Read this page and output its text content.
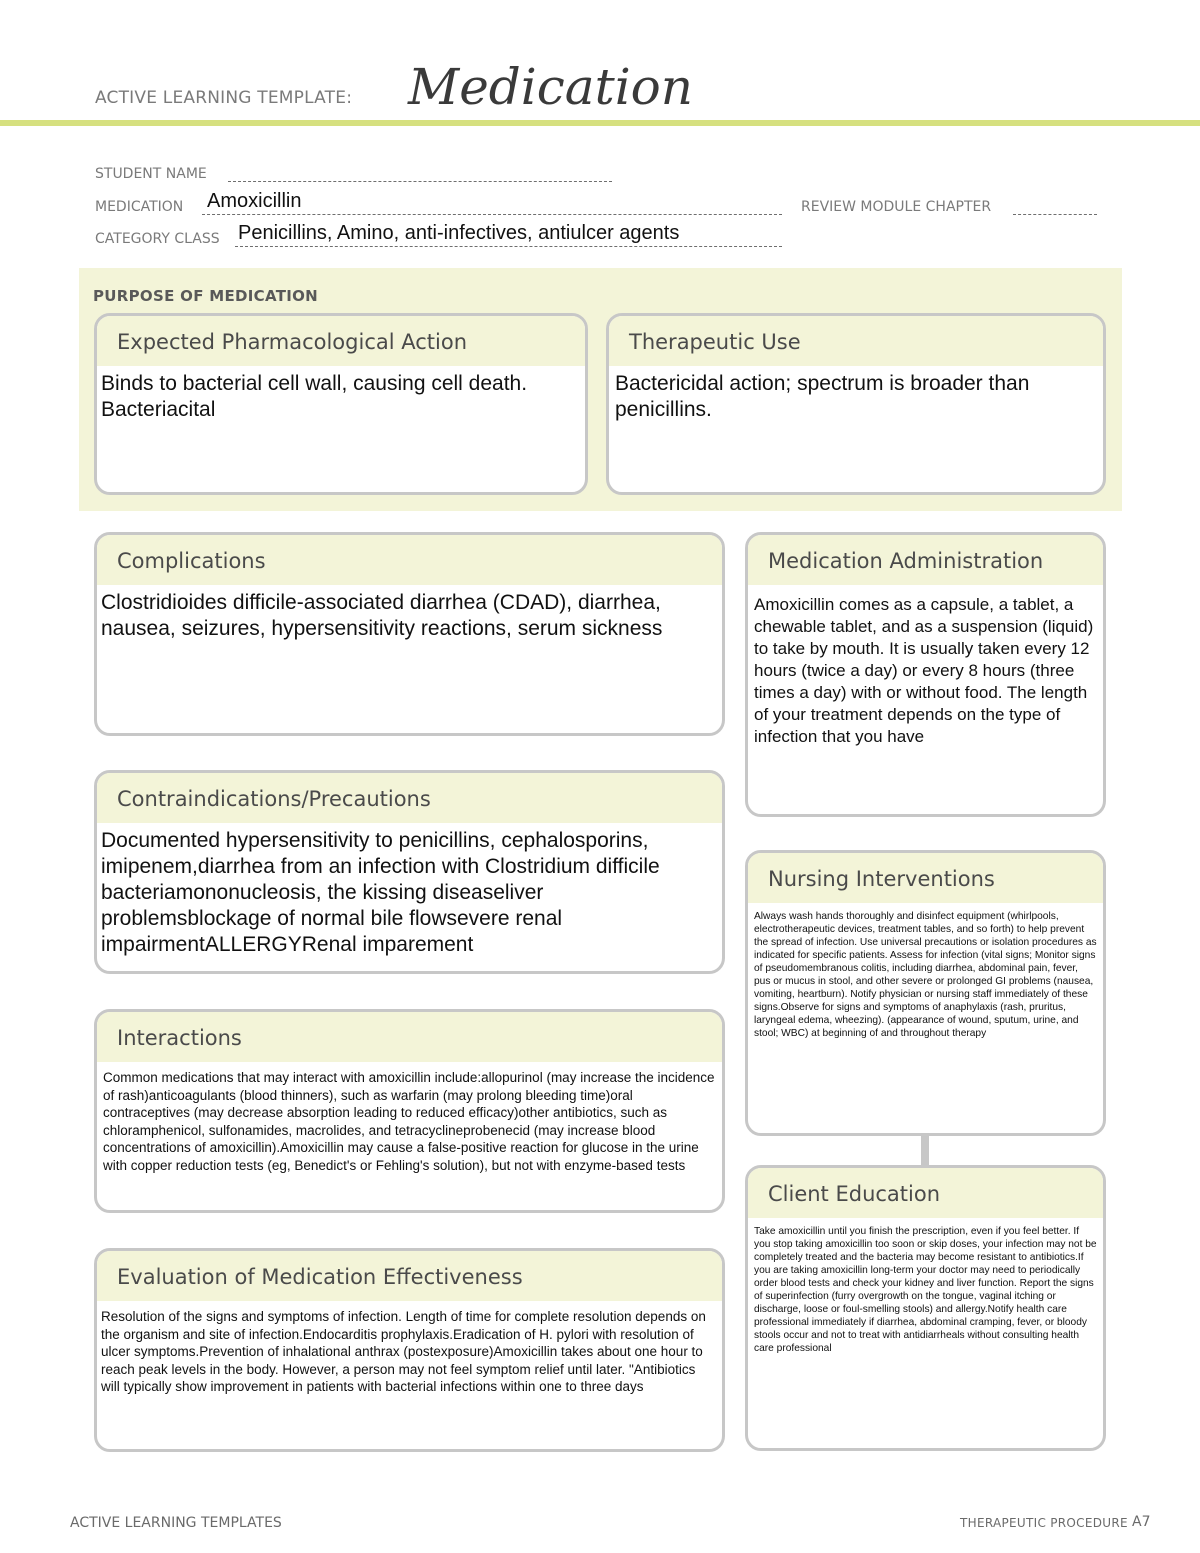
ACTIVE LEARNING TEMPLATE: Medication
STUDENT NAME
MEDICATION Amoxicillin	REVIEW MODULE CHAPTER
CATEGORY CLASS Penicillins, Amino, anti-infectives, antiulcer agents
PURPOSE OF MEDICATION
Expected Pharmacological Action
Binds to bacterial cell wall, causing cell death. Bacteriacital
Therapeutic Use
Bactericidal action; spectrum is broader than penicillins.
Complications
Clostridioides difficile-associated diarrhea (CDAD), diarrhea, nausea, seizures, hypersensitivity reactions, serum sickness
Medication Administration
Amoxicillin comes as a capsule, a tablet, a chewable tablet, and as a suspension (liquid) to take by mouth. It is usually taken every 12 hours (twice a day) or every 8 hours (three times a day) with or without food. The length of your treatment depends on the type of infection that you have
Contraindications/Precautions
Documented hypersensitivity to penicillins, cephalosporins, imipenem,diarrhea from an infection with Clostridium difficile bacteriamononucleosis, the kissing diseaseliver problemsblockage of normal bile flowsevere renal impairmentALLERGYRenal imparement
Nursing Interventions
Always wash hands thoroughly and disinfect equipment (whirlpools, electrotherapeutic devices, treatment tables, and so forth) to help prevent the spread of infection. Use universal precautions or isolation procedures as indicated for specific patients. Assess for infection (vital signs; Monitor signs of pseudomembranous colitis, including diarrhea, abdominal pain, fever, pus or mucus in stool, and other severe or prolonged GI problems (nausea, vomiting, heartburn). Notify physician or nursing staff immediately of these signs.Observe for signs and symptoms of anaphylaxis (rash, pruritus, laryngeal edema, wheezing). (appearance of wound, sputum, urine, and stool; WBC) at beginning of and throughout therapy
Interactions
Common medications that may interact with amoxicillin include:allopurinol (may increase the incidence of rash)anticoagulants (blood thinners), such as warfarin (may prolong bleeding time)oral contraceptives (may decrease absorption leading to reduced efficacy)other antibiotics, such as chloramphenicol, sulfonamides, macrolides, and tetracyclineprobenecid (may increase blood concentrations of amoxicillin).Amoxicillin may cause a false-positive reaction for glucose in the urine with copper reduction tests (eg, Benedict's or Fehling's solution), but not with enzyme-based tests
Client Education
Take amoxicillin until you finish the prescription, even if you feel better. If you stop taking amoxicillin too soon or skip doses, your infection may not be completely treated and the bacteria may become resistant to antibiotics.If you are taking amoxicillin long-term your doctor may need to periodically order blood tests and check your kidney and liver function. Report the signs of superinfection (furry overgrowth on the tongue, vaginal itching or discharge, loose or foul-smelling stools) and allergy.Notify health care professional immediately if diarrhea, abdominal cramping, fever, or bloody stools occur and not to treat with antidiarrheals without consulting health care professional
Evaluation of Medication Effectiveness
Resolution of the signs and symptoms of infection. Length of time for complete resolution depends on the organism and site of infection.Endocarditis prophylaxis.Eradication of H. pylori with resolution of ulcer symptoms.Prevention of inhalational anthrax (postexposure)Amoxicillin takes about one hour to reach peak levels in the body. However, a person may not feel symptom relief until later. "Antibiotics will typically show improvement in patients with bacterial infections within one to three days
ACTIVE LEARNING TEMPLATES	THERAPEUTIC PROCEDURE A7
